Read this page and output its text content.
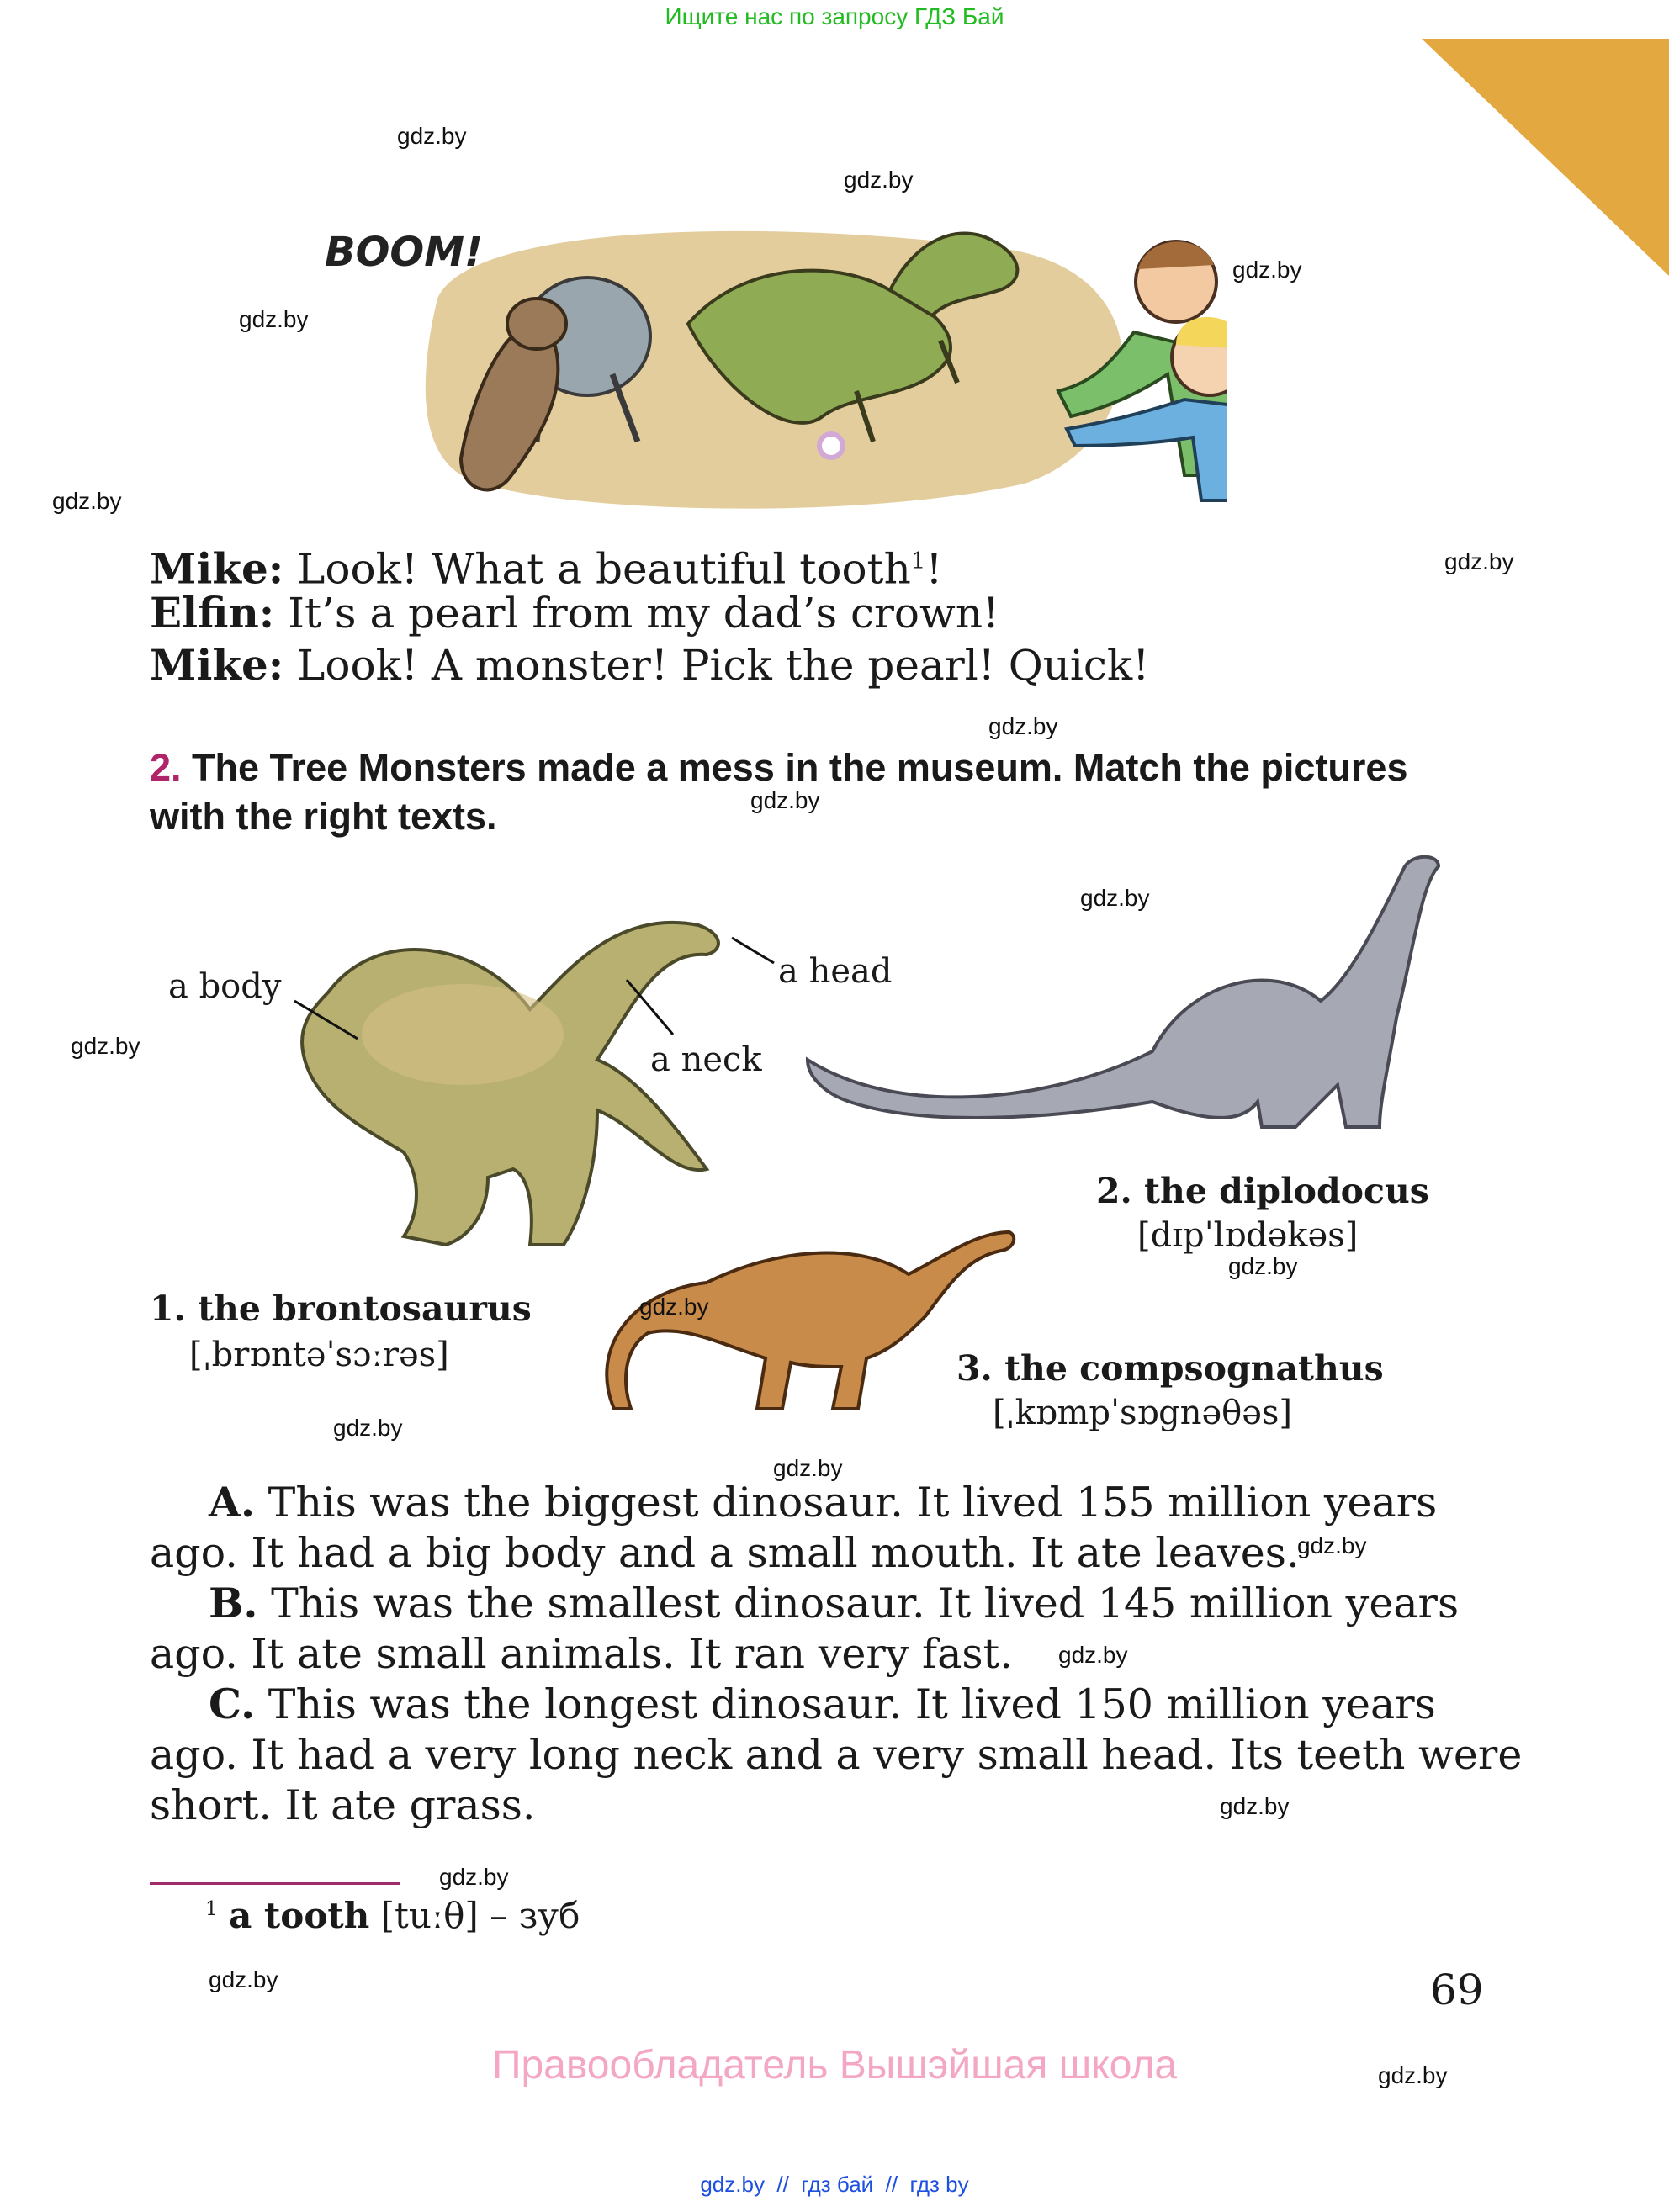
Ищите нас по запросу ГДЗ Бай
BOOM!
Mike: Look! What a beautiful tooth$^1$!
Elfin: It’s a pearl from my dad’s crown!
Mike: Look! A monster! Pick the pearl! Quick!
2. The Tree Monsters made a mess in the museum. Match the pictures
with the right texts.
a body	a head
a neck
1. the brontosaurus
[ˌbrɒntəˈsɔːrəs]
2. the diplodocus
[dɪpˈlɒdəkəs]
3. the compsognathus
[ˌkɒmpˈsɒgnəθəs]
A. This was the biggest dinosaur. It lived 155 million years
ago. It had a big body and a small mouth. It ate leaves.
B. This was the smallest dinosaur. It lived 145 million years
ago. It ate small animals. It ran very fast.
C. This was the longest dinosaur. It lived 150 million years
ago. It had a very long neck and a very small head. Its teeth were
short. It ate grass.
$^1$ a tooth [tuːθ] – зуб
69
Правообладатель Вышэйшая школа
gdz.by  //  гдз бай  //  гдз by
gdz.by
gdz.by
gdz.by
gdz.by
gdz.by
gdz.by
gdz.by
gdz.by
gdz.by
gdz.by
gdz.by
gdz.by
gdz.by
gdz.by
gdz.by
gdz.by
gdz.by
gdz.by
gdz.by
gdz.by
